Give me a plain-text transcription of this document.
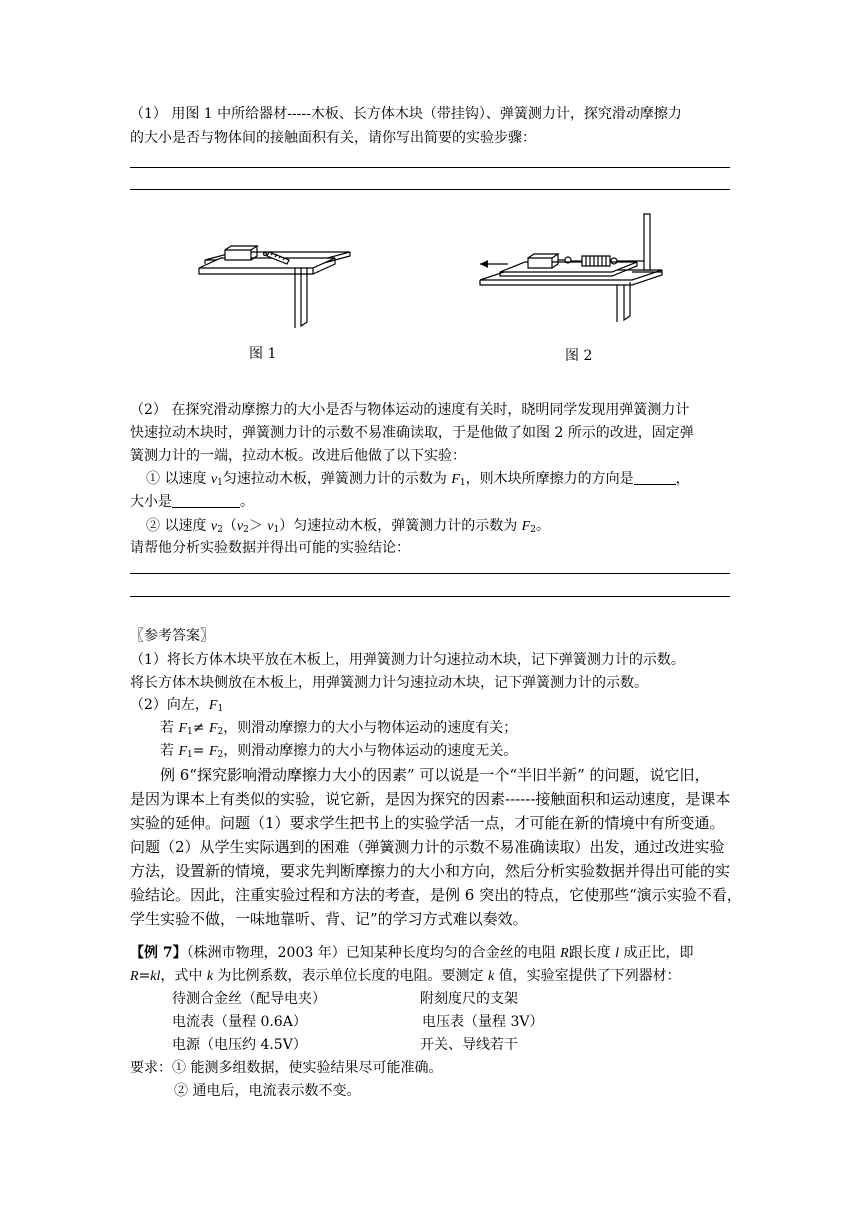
（1） 用图 1 中所给器材-----木板、长方体木块（带挂钩）、弹簧测力计，探究滑动摩擦力
的大小是否与物体间的接触面积有关，请你写出简要的实验步骤：
图 1	图 2
（2） 在探究滑动摩擦力的大小是否与物体运动的速度有关时，晓明同学发现用弹簧测力计
快速拉动木块时，弹簧测力计的示数不易准确读取，于是他做了如图 2 所示的改进，固定弹
簧测力计的一端，拉动木板。改进后他做了以下实验：
① 以速度 $v_1$匀速拉动木板，弹簧测力计的示数为 $F_1$，则木块所摩擦力的方向是	，
大小是	。
② 以速度 $v_2(v_2> v_1)$匀速拉动木板，弹簧测力计的示数为 $F_2$。
请帮他分析实验数据并得出可能的实验结论：
〖参考答案〗
（1）将长方体木块平放在木板上，用弹簧测力计匀速拉动木块，记下弹簧测力计的示数。
将长方体木块侧放在木板上，用弹簧测力计匀速拉动木块，记下弹簧测力计的示数。
（2）向左，$F_1$
若 $F_1\ne F_2$，则滑动摩擦力的大小与物体运动的速度有关；
若 $F_1= F_2$，则滑动摩擦力的大小与物体运动的速度无关。
例 6“探究影响滑动摩擦力大小的因素” 可以说是一个“半旧半新” 的问题，说它旧，
是因为课本上有类似的实验，说它新，是因为探究的因素------接触面积和运动速度，是课本
实验的延伸。问题（1）要求学生把书上的实验学活一点，才可能在新的情境中有所变通。
问题（2）从学生实际遇到的困难（弹簧测力计的示数不易准确读取）出发，通过改进实验
方法，设置新的情境，要求先判断摩擦力的大小和方向，然后分析实验数据并得出可能的实
验结论。因此，注重实验过程和方法的考查，是例 6 突出的特点，它使那些“演示实验不看，
学生实验不做，一味地靠听、背、记”的学习方式难以奏效。
【例 7】（株洲市物理，2003 年）已知某种长度均匀的合金丝的电阻 R跟长度 l 成正比，即
R=kl，式中 k 为比例系数，表示单位长度的电阻。要测定 k 值，实验室提供了下列器材：
待测合金丝（配导电夹）	附刻度尺的支架
电流表（量程 0.6A）	电压表（量程 3V）
电源（电压约 4.5V）	开关、导线若干
要求：① 能测多组数据，使实验结果尽可能准确。
② 通电后，电流表示数不变。
